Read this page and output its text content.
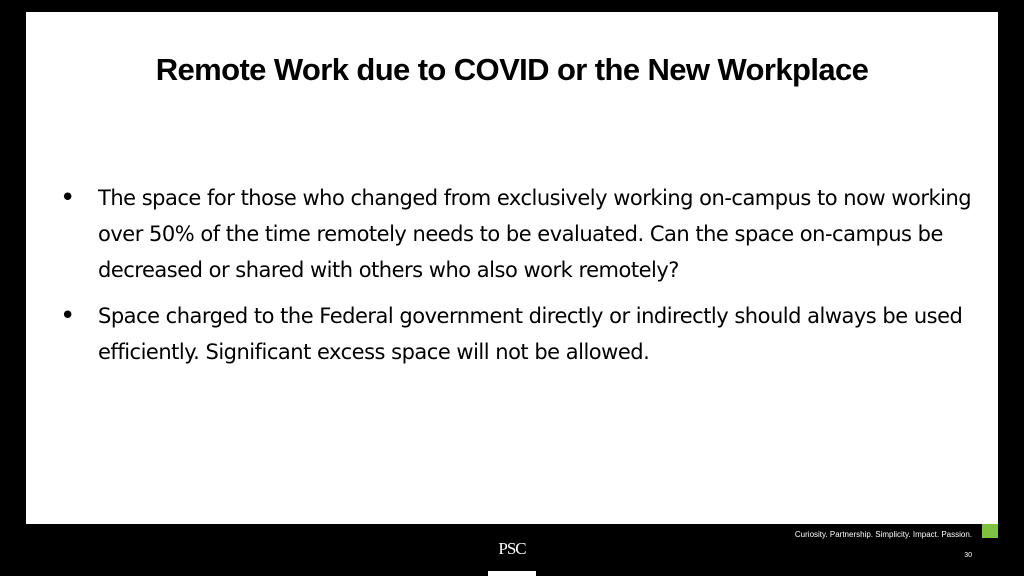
Remote Work due to COVID or the New Workplace
• The space for those who changed from exclusively working on-campus to now working over 50% of the time remotely needs to be evaluated. Can the space on-campus be decreased or shared with others who also work remotely?
• Space charged to the Federal government directly or indirectly should always be used efficiently. Significant excess space will not be allowed.
Curiosity. Partnership. Simplicity. Impact. Passion.
30
PSC
